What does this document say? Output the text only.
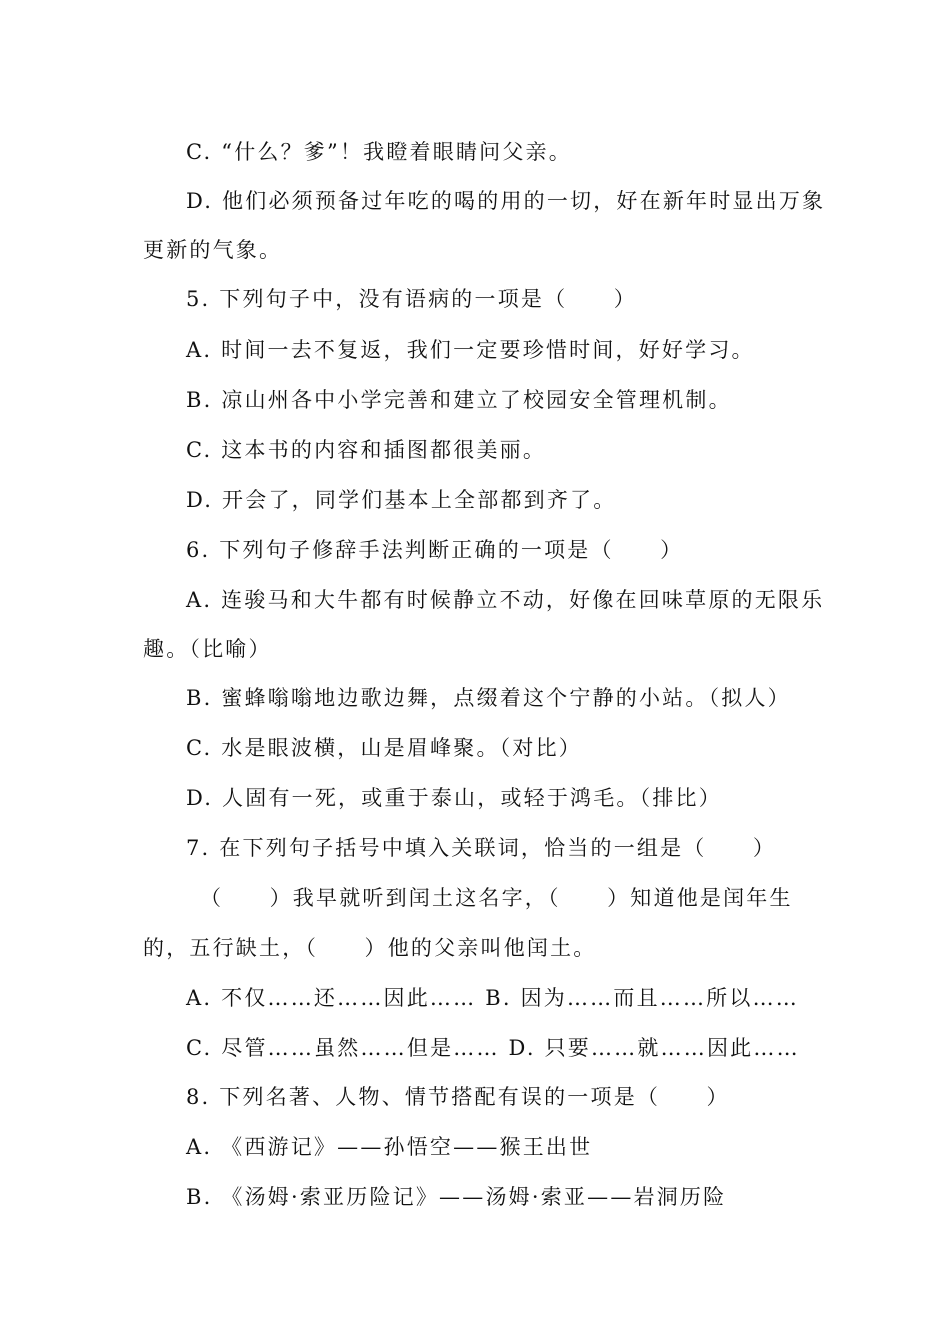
C. “什么？爹”！我瞪着眼睛问父亲。
D. 他们必须预备过年吃的喝的用的一切，好在新年时显出万象
更新的气象。
5. 下列句子中，没有语病的一项是（　　）
A. 时间一去不复返，我们一定要珍惜时间，好好学习。
B. 凉山州各中小学完善和建立了校园安全管理机制。
C. 这本书的内容和插图都很美丽。
D. 开会了，同学们基本上全部都到齐了。
6. 下列句子修辞手法判断正确的一项是（　　）
A. 连骏马和大牛都有时候静立不动，好像在回味草原的无限乐
趣。（比喻）
B. 蜜蜂嗡嗡地边歌边舞，点缀着这个宁静的小站。（拟人）
C. 水是眼波横，山是眉峰聚。（对比）
D. 人固有一死，或重于泰山，或轻于鸿毛。（排比）
7. 在下列句子括号中填入关联词，恰当的一组是（　　）
（　　）我早就听到闰土这名字，（　　）知道他是闰年生
的，五行缺土，（　　）他的父亲叫他闰土。
A. 不仅……还……因此…… B. 因为……而且……所以……
C. 尽管……虽然……但是…… D. 只要……就……因此……
8. 下列名著、人物、情节搭配有误的一项是（　　）
A. 《西游记》——孙悟空——猴王出世
B. 《汤姆·索亚历险记》——汤姆·索亚——岩洞历险
